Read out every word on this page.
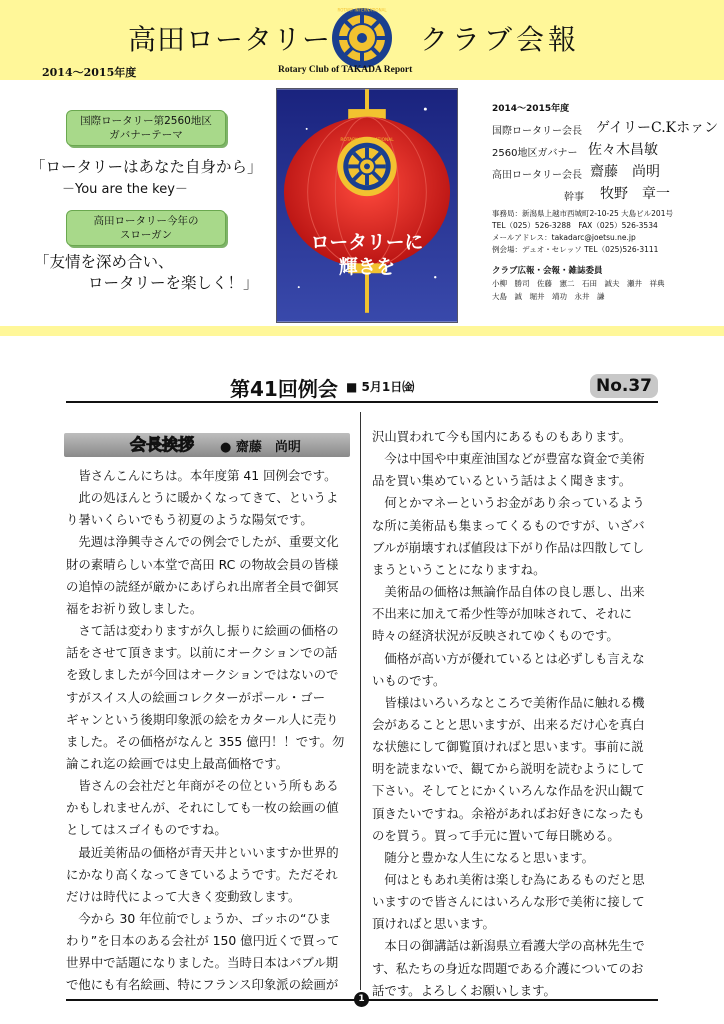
高田ロータリー
ROTARY INTERNATIONAL
クラブ会報
2014～2015年度	Rotary Club of TAKADA Report
国際ロータリー第2560地区
ガバナーテーマ
「ロータリーはあなた自身から」
－You are the key－
高田ロータリー今年の
スローガン
「友情を深め合い、
ロータリーを楽しく！」
ROTARY INTERNATIONAL
ロータリーに
輝きを
2014～2015年度
国際ロータリー会長 ゲイリーC.Kホァン
2560地区ガバナー 佐々木昌敏
高田ロータリー会長 齋藤　尚明
幹事 牧野　章一
事務局：新潟県上越市西城町2-10-25 大島ビル201号
TEL（025）526-3288　FAX（025）526-3534
メールアドレス：takadarc@joetsu.ne.jp
例会場：デュオ・セレッソ TEL（025)526-3111
クラブ広報・会報・雑誌委員
小柳　勝司　佐藤　憲二　石田　誠夫　瀬井　祥典
大島　誠　堀井　靖功　永井　謙
第41回例会 ■ 5月1日㈮	No.37
会長挨拶 ● 齋藤　尚明
　皆さんこんにちは。本年度第 41 回例会です。
　此の処ほんとうに暖かくなってきて、というよ
り暑いくらいでもう初夏のような陽気です。
　先週は浄興寺さんでの例会でしたが、重要文化
財の素晴らしい本堂で高田 RC の物故会員の皆様
の追悼の読経が厳かにあげられ出席者全員で御冥
福をお祈り致しました。
　さて話は変わりますが久し振りに絵画の価格の
話をさせて頂きます。以前にオークションでの話
を致しましたが今回はオークションではないので
すがスイス人の絵画コレクターがポール・ゴー
ギャンという後期印象派の絵をカタール人に売り
ました。その価格がなんと 355 億円！！です。勿
論これ迄の絵画では史上最高価格です。
　皆さんの会社だと年商がその位という所もある
かもしれませんが、それにしても一枚の絵画の値
としてはスゴイものですね。
　最近美術品の価格が青天井といいますか世界的
にかなり高くなってきているようです。ただそれ
だけは時代によって大きく変動致します。
　今から 30 年位前でしょうか、ゴッホの“ひま
わり”を日本のある会社が 150 億円近くで買って
世界中で話題になりました。当時日本はバブル期
で他にも有名絵画、特にフランス印象派の絵画が
沢山買われて今も国内にあるものもあります。
　今は中国や中東産油国などが豊富な資金で美術
品を買い集めているという話はよく聞きます。
　何とかマネーというお金があり余っているよう
な所に美術品も集まってくるものですが、いざバ
ブルが崩壊すれば値段は下がり作品は四散してし
まうということになりますね。
　美術品の価格は無論作品自体の良し悪し、出来
不出来に加えて希少性等が加味されて、それに
時々の経済状況が反映されてゆくものです。
　価格が高い方が優れているとは必ずしも言えな
いものです。
　皆様はいろいろなところで美術作品に触れる機
会があることと思いますが、出来るだけ心を真白
な状態にして御覧頂ければと思います。事前に説
明を読まないで、観てから説明を読むようにして
下さい。そしてとにかくいろんな作品を沢山観て
頂きたいですね。余裕があればお好きになったも
のを買う。買って手元に置いて毎日眺める。
　随分と豊かな人生になると思います。
　何はともあれ美術は楽しむ為にあるものだと思
いますので皆さんにはいろんな形で美術に接して
頂ければと思います。
　本日の御講話は新潟県立看護大学の高林先生で
す、私たちの身近な問題である介護についてのお
話です。よろしくお願いします。
1
